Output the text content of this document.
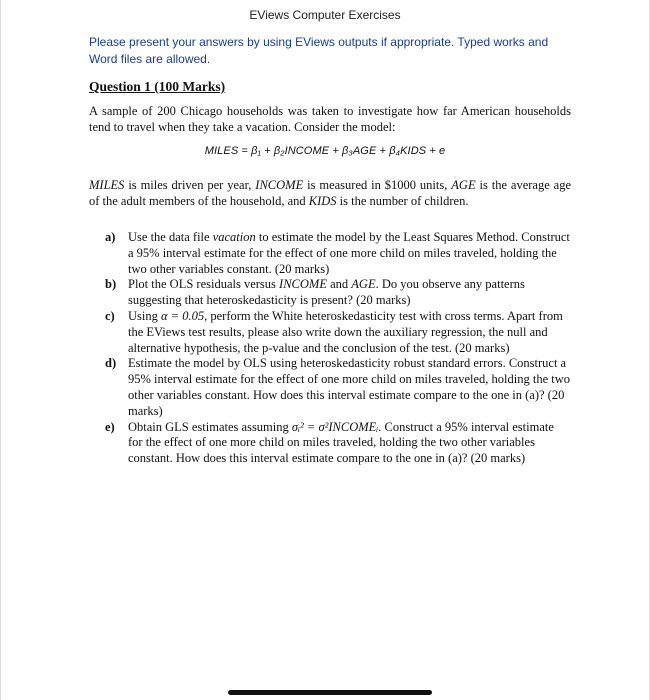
EViews Computer Exercises
Please present your answers by using EViews outputs if appropriate. Typed works and Word files are allowed.
Question 1 (100 Marks)
A sample of 200 Chicago households was taken to investigate how far American households tend to travel when they take a vacation. Consider the model:
MILES = β₁ + β₂INCOME + β₃AGE + β₄KIDS + e
MILES is miles driven per year, INCOME is measured in $1000 units, AGE is the average age of the adult members of the household, and KIDS is the number of children.
a) Use the data file vacation to estimate the model by the Least Squares Method. Construct a 95% interval estimate for the effect of one more child on miles traveled, holding the two other variables constant. (20 marks)
b) Plot the OLS residuals versus INCOME and AGE. Do you observe any patterns suggesting that heteroskedasticity is present? (20 marks)
c) Using α = 0.05, perform the White heteroskedasticity test with cross terms. Apart from the EViews test results, please also write down the auxiliary regression, the null and alternative hypothesis, the p-value and the conclusion of the test. (20 marks)
d) Estimate the model by OLS using heteroskedasticity robust standard errors. Construct a 95% interval estimate for the effect of one more child on miles traveled, holding the two other variables constant. How does this interval estimate compare to the one in (a)? (20 marks)
e) Obtain GLS estimates assuming σᵢ² = σ²INCOMEᵢ. Construct a 95% interval estimate for the effect of one more child on miles traveled, holding the two other variables constant. How does this interval estimate compare to the one in (a)? (20 marks)
